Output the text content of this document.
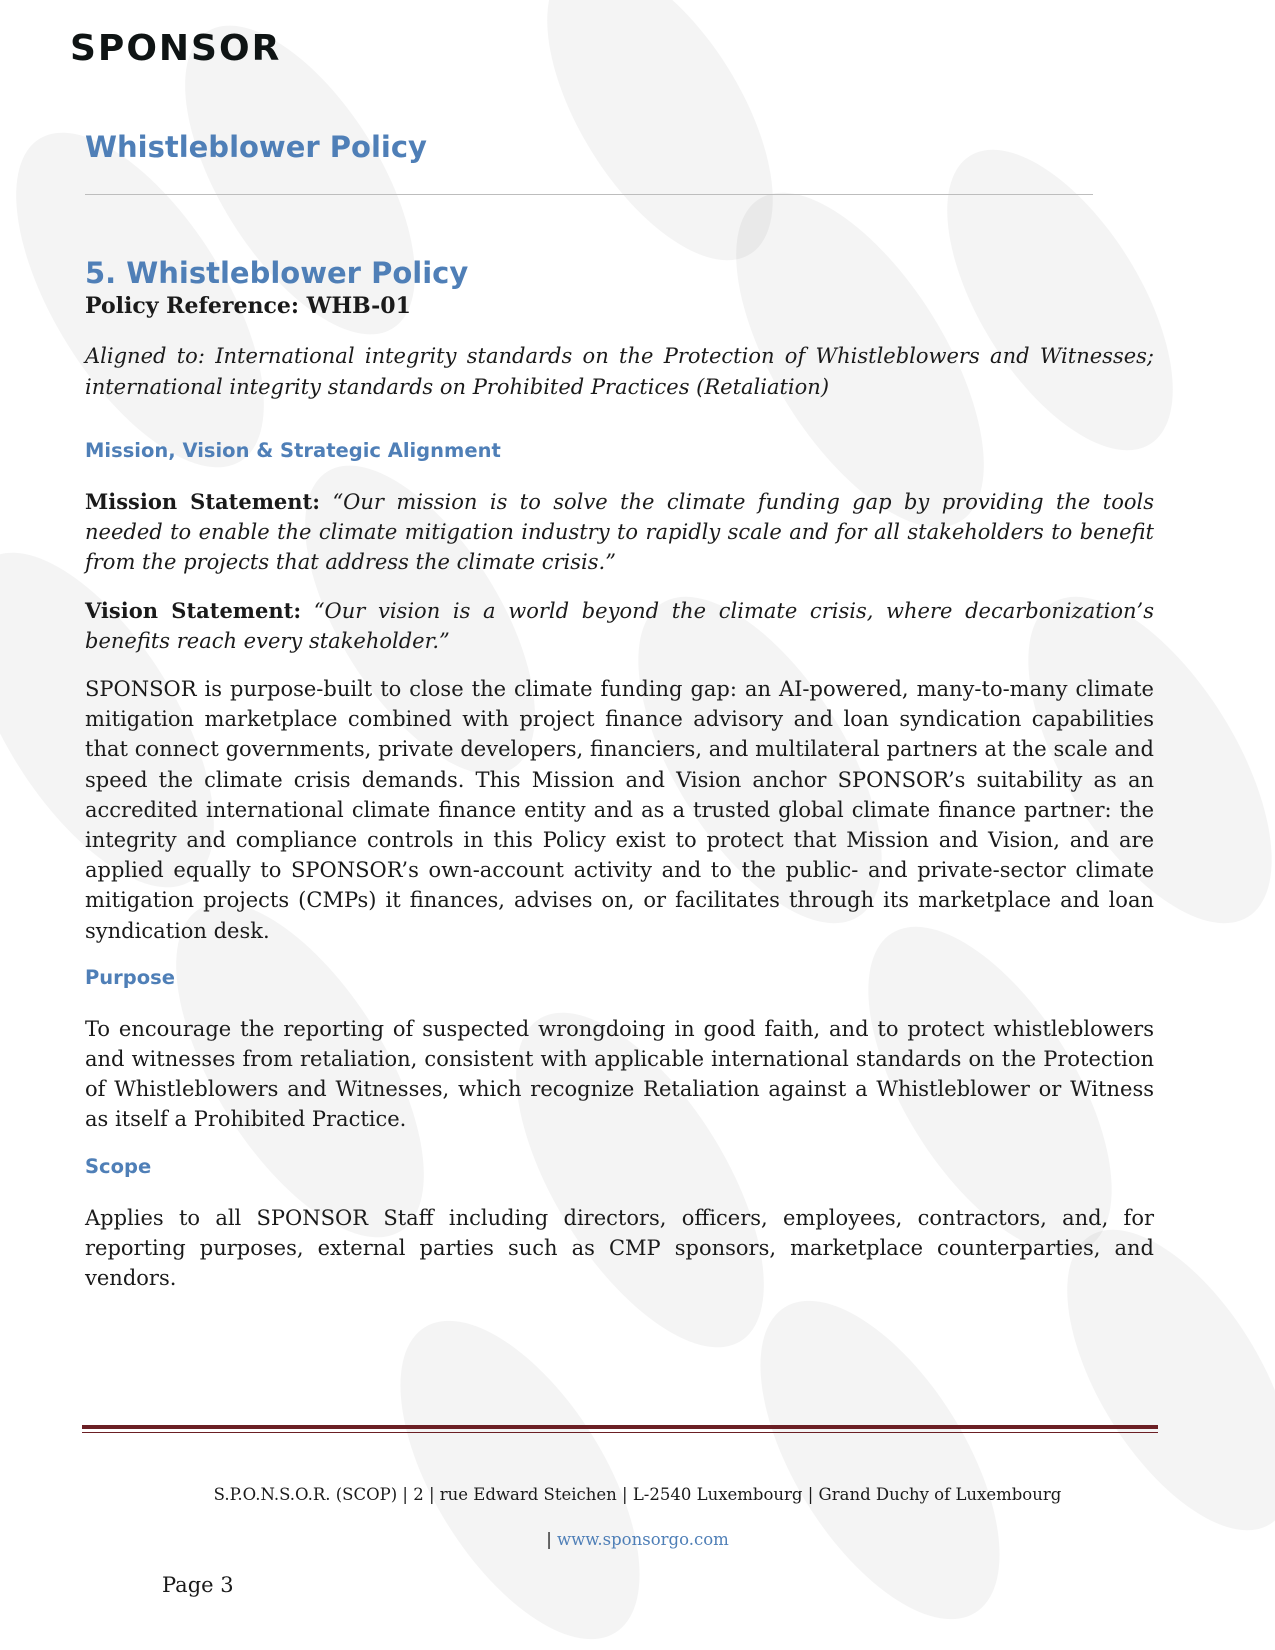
SPONSOR
Whistleblower Policy
5. Whistleblower Policy
Policy Reference: WHB-01
Aligned to: International integrity standards on the Protection of Whistleblowers and Witnesses; international integrity standards on Prohibited Practices (Retaliation)
Mission, Vision & Strategic Alignment

Mission Statement: “Our mission is to solve the climate funding gap by providing the tools needed to enable the climate mitigation industry to rapidly scale and for all stakeholders to benefit from the projects that address the climate crisis.”

Vision Statement: “Our vision is a world beyond the climate crisis, where decarbonization’s benefits reach every stakeholder.”

SPONSOR is purpose-built to close the climate funding gap: an AI-powered, many-to-many climate mitigation marketplace combined with project finance advisory and loan syndication capabilities that connect governments, private developers, financiers, and multilateral partners at the scale and speed the climate crisis demands. This Mission and Vision anchor SPONSOR’s suitability as an accredited international climate finance entity and as a trusted global climate finance partner: the integrity and compliance controls in this Policy exist to protect that Mission and Vision, and are applied equally to SPONSOR’s own-account activity and to the public- and private-sector climate mitigation projects (CMPs) it finances, advises on, or facilitates through its marketplace and loan syndication desk.

Purpose

To encourage the reporting of suspected wrongdoing in good faith, and to protect whistleblowers and witnesses from retaliation, consistent with applicable international standards on the Protection of Whistleblowers and Witnesses, which recognize Retaliation against a Whistleblower or Witness as itself a Prohibited Practice.

Scope

Applies to all SPONSOR Staff including directors, officers, employees, contractors, and, for reporting purposes, external parties such as CMP sponsors, marketplace counterparties, and vendors.

S.P.O.N.S.O.R. (SCOP) | 2 | rue Edward Steichen | L-2540 Luxembourg | Grand Duchy of Luxembourg
| www.sponsorgo.com
Page 3
